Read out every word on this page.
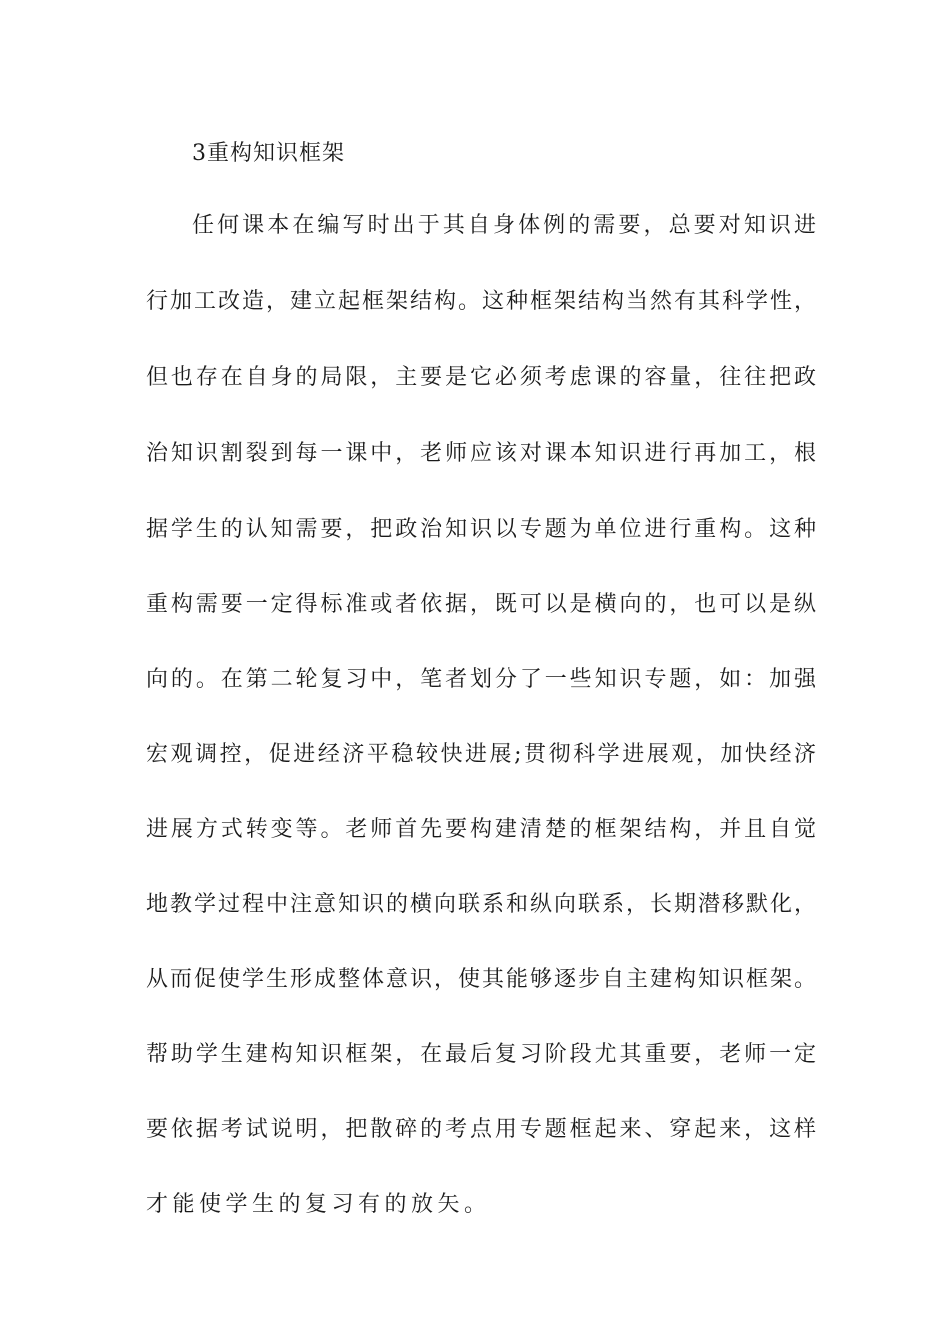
3重构知识框架
任何课本在编写时出于其自身体例的需要，总要对知识进
行加工改造，建立起框架结构。这种框架结构当然有其科学性，
但也存在自身的局限，主要是它必须考虑课的容量，往往把政
治知识割裂到每一课中，老师应该对课本知识进行再加工，根
据学生的认知需要，把政治知识以专题为单位进行重构。这种
重构需要一定得标准或者依据，既可以是横向的，也可以是纵
向的。在第二轮复习中，笔者划分了一些知识专题，如：加强
宏观调控，促进经济平稳较快进展;贯彻科学进展观，加快经济
进展方式转变等。老师首先要构建清楚的框架结构，并且自觉
地教学过程中注意知识的横向联系和纵向联系，长期潜移默化，
从而促使学生形成整体意识，使其能够逐步自主建构知识框架。
帮助学生建构知识框架，在最后复习阶段尤其重要，老师一定
要依据考试说明，把散碎的考点用专题框起来、穿起来，这样
才能使学生的复习有的放矢。
